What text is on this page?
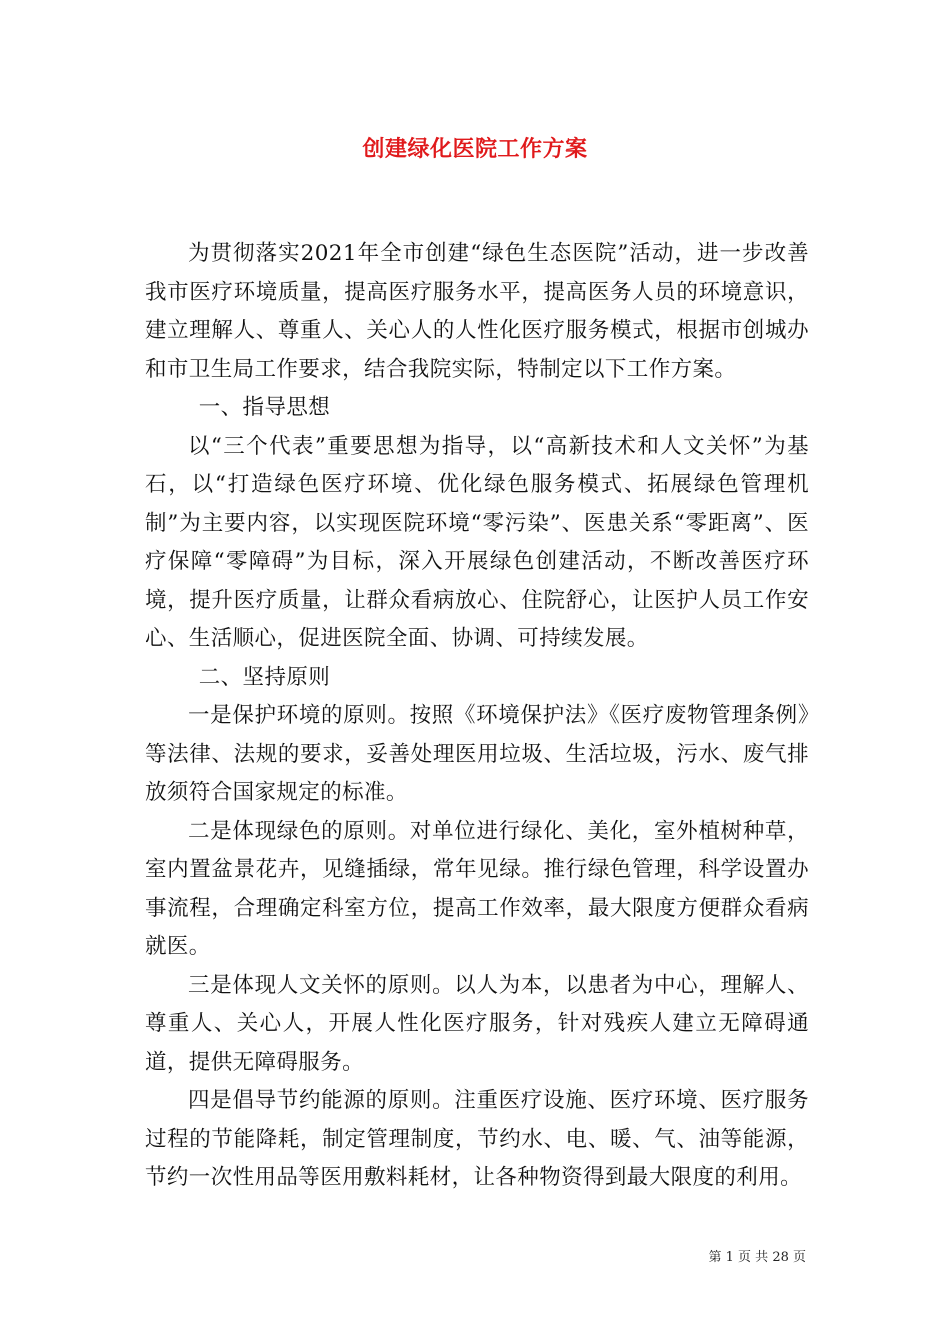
创建绿化医院工作方案

为贯彻落实2021年全市创建“绿色生态医院”活动，进一步改善我市医疗环境质量，提高医疗服务水平，提高医务人员的环境意识，建立理解人、尊重人、关心人的人性化医疗服务模式，根据市创城办和市卫生局工作要求，结合我院实际，特制定以下工作方案。

一、指导思想

以“三个代表”重要思想为指导，以“高新技术和人文关怀”为基石，以“打造绿色医疗环境、优化绿色服务模式、拓展绿色管理机制”为主要内容，以实现医院环境“零污染”、医患关系“零距离”、医疗保障“零障碍”为目标，深入开展绿色创建活动，不断改善医疗环境，提升医疗质量，让群众看病放心、住院舒心，让医护人员工作安心、生活顺心，促进医院全面、协调、可持续发展。

二、坚持原则

一是保护环境的原则。按照《环境保护法》《医疗废物管理条例》等法律、法规的要求，妥善处理医用垃圾、生活垃圾，污水、废气排放须符合国家规定的标准。

二是体现绿色的原则。对单位进行绿化、美化，室外植树种草，室内置盆景花卉，见缝插绿，常年见绿。推行绿色管理，科学设置办事流程，合理确定科室方位，提高工作效率，最大限度方便群众看病就医。

三是体现人文关怀的原则。以人为本，以患者为中心，理解人、尊重人、关心人，开展人性化医疗服务，针对残疾人建立无障碍通道，提供无障碍服务。

四是倡导节约能源的原则。注重医疗设施、医疗环境、医疗服务过程的节能降耗，制定管理制度，节约水、电、暖、气、油等能源，节约一次性用品等医用敷料耗材，让各种物资得到最大限度的利用。

第 1 页 共 28 页
